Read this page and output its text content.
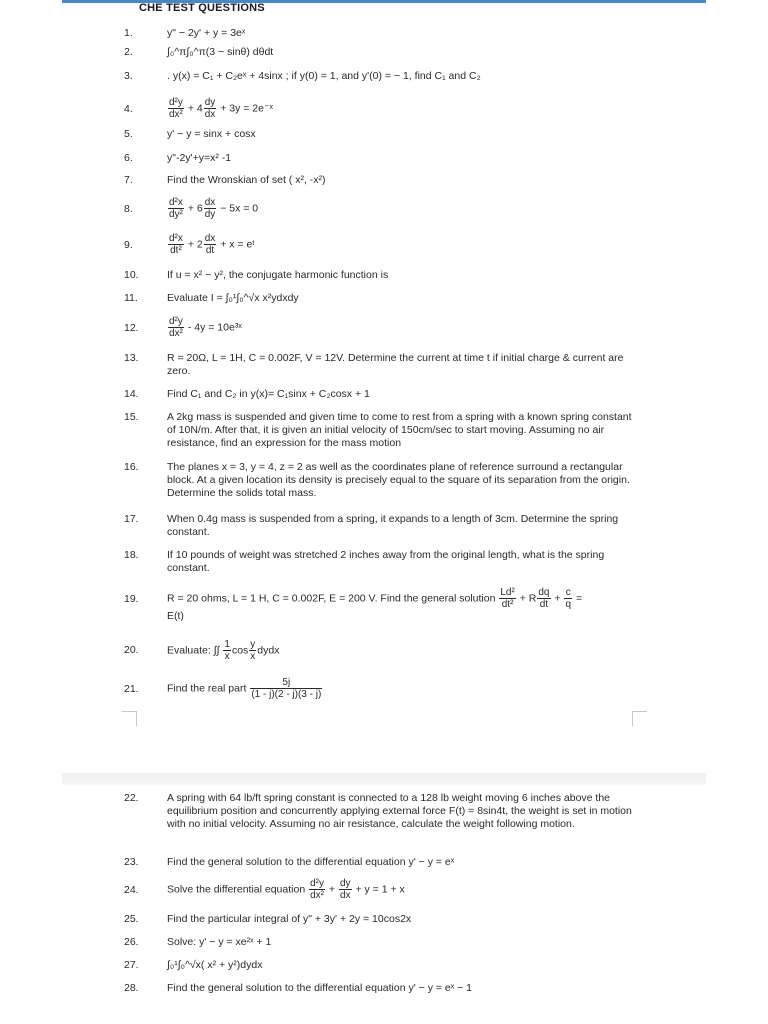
CHE TEST QUESTIONS
1.	y" − 2y' + y = 3eˣ
2.	∫₀^π∫₀^π(3 − sinθ) dθdt
3.	. y(x) = C₁ + C₂eˣ + 4sinx ; if y(0) = 1, and y'(0) = − 1, find C₁ and C₂
4.	$\frac{\text{d²y}}{\text{dx²}} + 4 \frac{dy}{dx} + 3y$ = 2e⁻ˣ
5.	y' − y = sinx + cosx
6.	y"-2y'+y=x² -1
7.	Find the Wronskian of set ( x², -x²)
8.	$\frac{\text{d²x}}{\text{dy²}} + 6 \frac{dx}{dy} - 5x = 0$
9.	$\frac{\text{d²x}}{\text{dt²}} + 2 \frac{dx}{dt} + x$ = eᵗ
10.	If u = x² − y², the conjugate harmonic function is
11.	Evaluate I = ∫₀¹∫₀^√x x²ydxdy
12.	$\frac{\text{d²y}}{\text{dx²}} - 4y$ = 10e³ˣ
13.	R = 20Ω, L = 1H, C = 0.002F, V = 12V. Determine the current at time t if initial charge & current are zero.
14.	Find C₁ and C₂ in y(x)= C₁sinx + C₂cosx + 1
15.	A 2kg mass is suspended and given time to come to rest from a spring with a known spring constant of 10N/m. After that, it is given an initial velocity of 150cm/sec to start moving. Assuming no air resistance, find an expression for the mass motion
16.	The planes x = 3, y = 4, z = 2 as well as the coordinates plane of reference surround a rectangular block. At a given location its density is precisely equal to the square of its separation from the origin. Determine the solids total mass.
17.	When 0.4g mass is suspended from a spring, it expands to a length of 3cm. Determine the spring constant.
18.	If 10 pounds of weight was stretched 2 inches away from the original length, what is the spring constant.
19.	R = 20 ohms, L = 1 H, C = 0.002F, E = 200 V. Find the general solution $\frac{\text{Ld²}}{\text{dt²}} + R \frac{dq}{dt} + \frac{c}{q}$ =
E(t)
20.	Evaluate: ∫∫ $\frac{1}{x}$ $\cos \frac{y}{x}$ dydx
21.	Find the real part $\frac{5j}{(1 - j)(2 - j)(3 - j)}$
22.	A spring with 64 lb/ft spring constant is connected to a 128 lb weight moving 6 inches above the equilibrium position and concurrently applying external force F(t) = 8sin4t, the weight is set in motion with no initial velocity. Assuming no air resistance, calculate the weight following motion.
23.	Find the general solution to the differential equation y' − y = eˣ
24.	Solve the differential equation $\frac{\text{d²y}}{\text{dx²}} + \frac{dy}{dx} + y = 1 + x$
25.	Find the particular integral of y" + 3y' + 2y = 10cos2x
26.	Solve: y' − y = xe²ˣ + 1
27.	∫₀¹∫₀^√x( x² + y²)dydx
28.	Find the general solution to the differential equation y' − y = eˣ − 1
